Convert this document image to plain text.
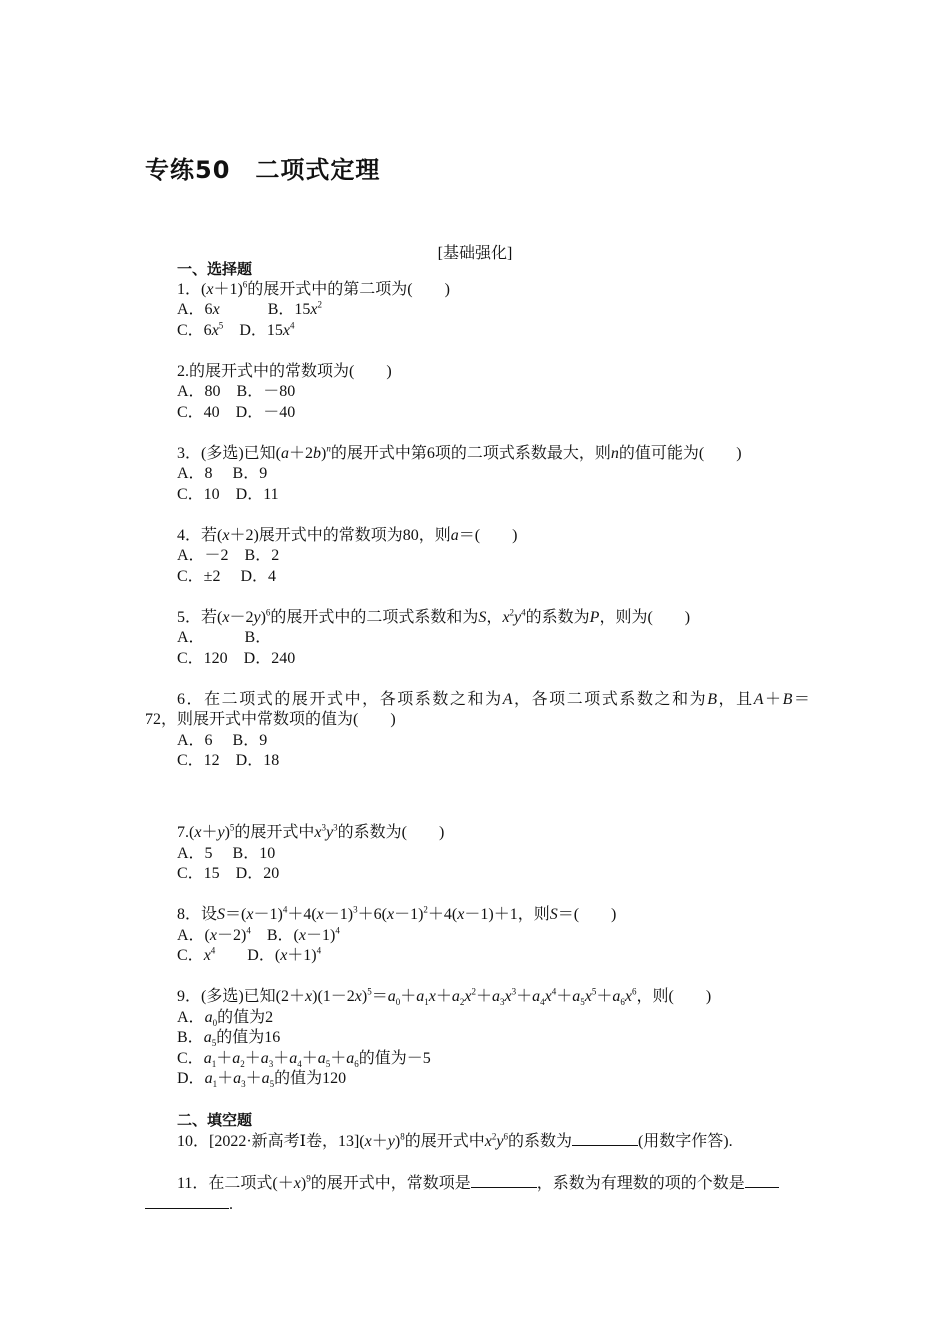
专练50　二项式定理
[基础强化]
一、选择题
1．$(x+1)^6$的展开式中的第二项为(　　)
A．6x　　　	B．$15x^2$
C．$6x^5$　 D．$15x^4$
2.的展开式中的常数项为(　　)
A．80　B．－80
C．40　D．－40
3．(多选)已知$(a+2b)^n$的展开式中第6项的二项式系数最大，则n的值可能为(　　)
A．8　 B．9
C．10　D．11
4．若(x＋2)展开式中的常数项为80，则a＝(　　)
A．－2　B．2
C．±2　 D．4
5．若$(x-2y)^6$的展开式中的二项式系数和为S，$x^2y^4$的系数为P，则为(　　)
A．　　　B．
C．120　D．240
6．在二项式的展开式中，各项系数之和为A，各项二项式系数之和为B，且A＋B＝
72，则展开式中常数项的值为(　　)
A．6　 B．9
C．12　D．18
$7.(x+y)^5$的展开式中$x^3y^3$的系数为(　　)
A．5　 B．10
C．15　D．20
8．设$S=(x-1)^4+4(x-1)^3+6(x-1)^2+4(x-1)+1$，则S＝(　　)
A．$(x-2)^4$　B．$(x-1)^4$
C．$x^4$　　D．$(x+1)^4$
9．(多选)已知$(2+x)(1-2x)^5=a_0+a_1x+a_2x^2+a_3x^3+a_4x^4+a_5x^5+a_6x^6$，则(　　)
A．$a_0$的值为2
B．$a_5$的值为16
C．$a_1+a_2+a_3+a_4+a_5+a_6$的值为－5
D．$a_1+a_3+a_5$的值为120
二、填空题
10．[2022·新高考Ⅰ卷，$13](x+y)^8$的展开式中$x^2y^6$的系数为	(用数字作答).
11．在二项式$(+x)^9$的展开式中，常数项是	，系数为有理数的项的个数是
.
